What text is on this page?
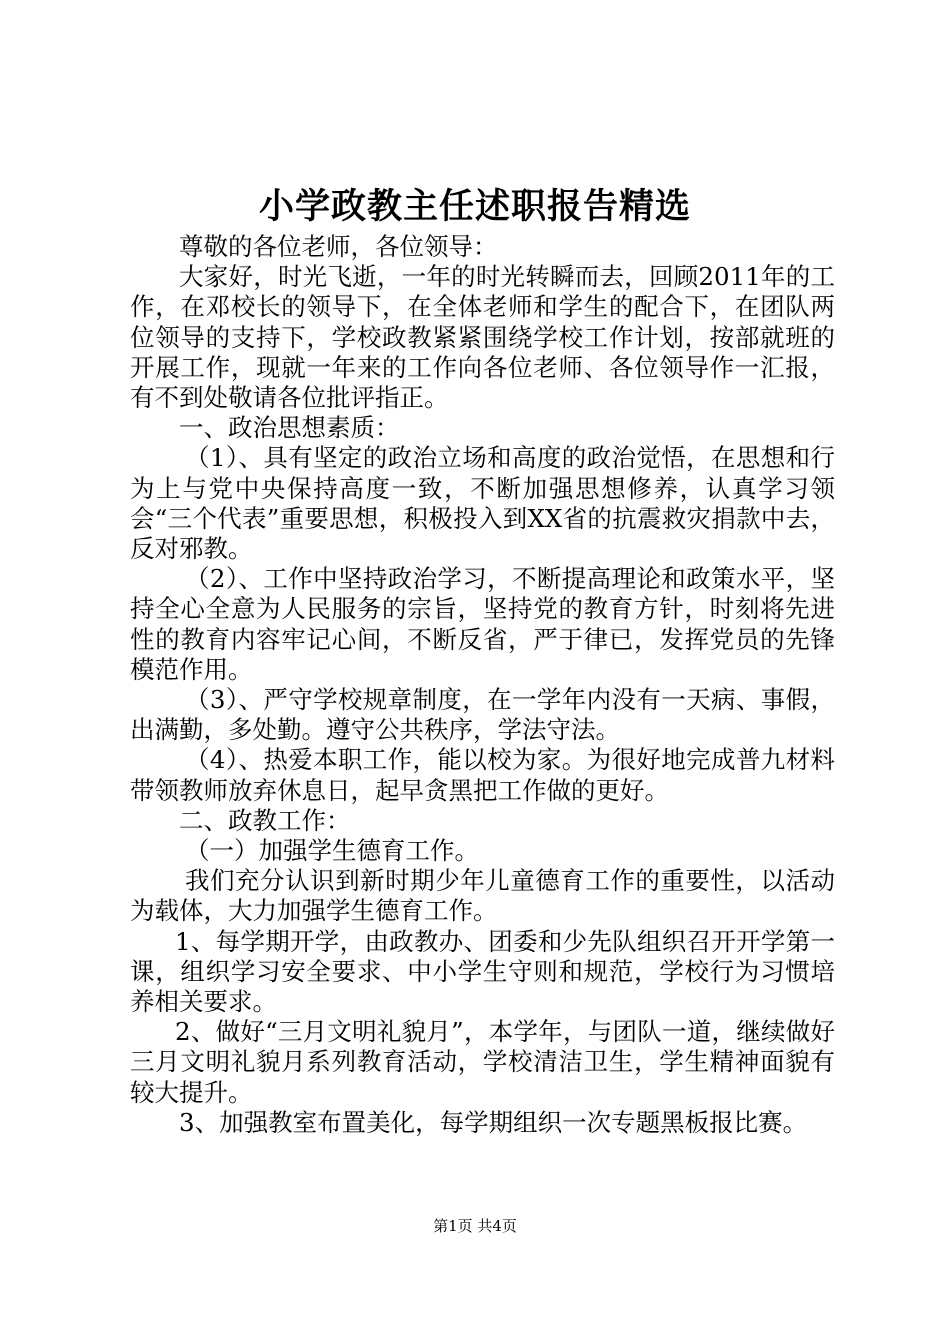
小学政教主任述职报告精选

尊敬的各位老师，各位领导：

大家好，时光飞逝，一年的时光转瞬而去，回顾2011年的工作，在邓校长的领导下，在全体老师和学生的配合下，在团队两位领导的支持下，学校政教紧紧围绕学校工作计划，按部就班的开展工作，现就一年来的工作向各位老师、各位领导作一汇报，有不到处敬请各位批评指正。

一、政治思想素质：

（1）、具有坚定的政治立场和高度的政治觉悟，在思想和行为上与党中央保持高度一致，不断加强思想修养，认真学习领会“三个代表”重要思想，积极投入到XX省的抗震救灾捐款中去，反对邪教。

（2）、工作中坚持政治学习，不断提高理论和政策水平，坚持全心全意为人民服务的宗旨，坚持党的教育方针，时刻将先进性的教育内容牢记心间，不断反省，严于律已，发挥党员的先锋模范作用。

（3）、严守学校规章制度，在一学年内没有一天病、事假，出满勤，多处勤。遵守公共秩序，学法守法。

（4）、热爱本职工作，能以校为家。为很好地完成普九材料带领教师放弃休息日，起早贪黑把工作做的更好。

二、政教工作：

（一）加强学生德育工作。

我们充分认识到新时期少年儿童德育工作的重要性，以活动为载体，大力加强学生德育工作。

1、每学期开学，由政教办、团委和少先队组织召开开学第一课，组织学习安全要求、中小学生守则和规范，学校行为习惯培养相关要求。

2、做好“三月文明礼貌月”，本学年，与团队一道，继续做好三月文明礼貌月系列教育活动，学校清洁卫生，学生精神面貌有较大提升。

3、加强教室布置美化，每学期组织一次专题黑板报比赛。

第1页 共4页
